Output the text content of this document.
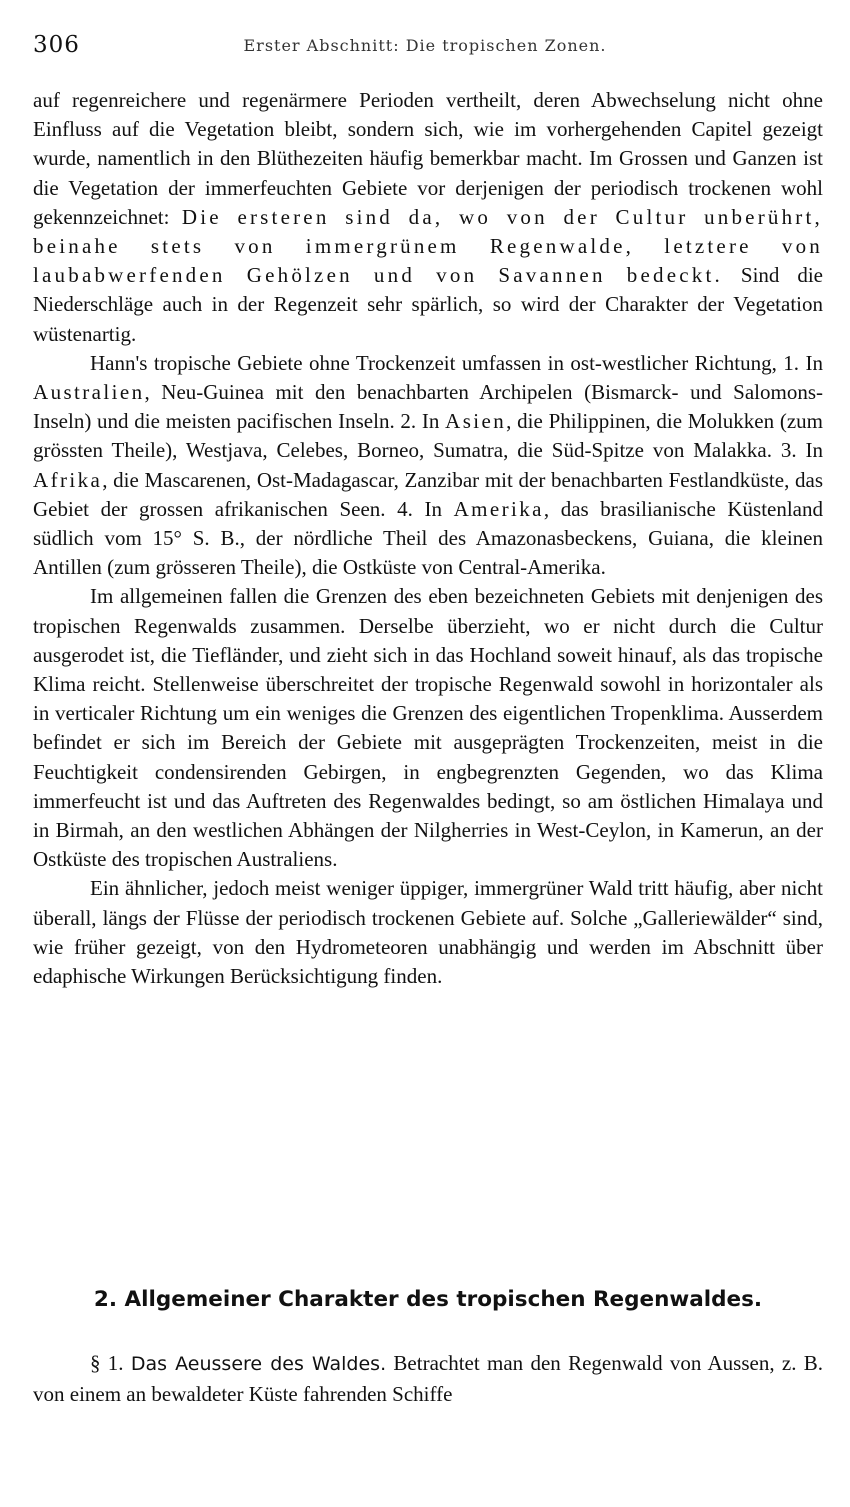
306	Erster Abschnitt: Die tropischen Zonen.

auf regenreichere und regenärmere Perioden vertheilt, deren Abwechselung nicht ohne Einfluss auf die Vegetation bleibt, sondern sich, wie im vorhergehenden Capitel gezeigt wurde, namentlich in den Blüthezeiten häufig bemerkbar macht. Im Grossen und Ganzen ist die Vegetation der immerfeuchten Gebiete vor derjenigen der periodisch trockenen wohl gekennzeichnet: Die ersteren sind da, wo von der Cultur unberührt, beinahe stets von immergrünem Regenwalde, letztere von laubabwerfenden Gehölzen und von Savannen bedeckt. Sind die Niederschläge auch in der Regenzeit sehr spärlich, so wird der Charakter der Vegetation wüstenartig.

Hann's tropische Gebiete ohne Trockenzeit umfassen in ost-westlicher Richtung, 1. In Australien, Neu-Guinea mit den benachbarten Archipelen (Bismarck- und Salomons-Inseln) und die meisten pacifischen Inseln. 2. In Asien, die Philippinen, die Molukken (zum grössten Theile), Westjava, Celebes, Borneo, Sumatra, die Süd-Spitze von Malakka. 3. In Afrika, die Mascarenen, Ost-Madagascar, Zanzibar mit der benachbarten Festlandküste, das Gebiet der grossen afrikanischen Seen. 4. In Amerika, das brasilianische Küstenland südlich vom 15° S. B., der nördliche Theil des Amazonasbeckens, Guiana, die kleinen Antillen (zum grösseren Theile), die Ostküste von Central-Amerika.

Im allgemeinen fallen die Grenzen des eben bezeichneten Gebiets mit denjenigen des tropischen Regenwalds zusammen. Derselbe überzieht, wo er nicht durch die Cultur ausgerodet ist, die Tiefländer, und zieht sich in das Hochland soweit hinauf, als das tropische Klima reicht. Stellenweise überschreitet der tropische Regenwald sowohl in horizontaler als in verticaler Richtung um ein weniges die Grenzen des eigentlichen Tropenklima. Ausserdem befindet er sich im Bereich der Gebiete mit ausgeprägten Trockenzeiten, meist in die Feuchtigkeit condensirenden Gebirgen, in engbegrenzten Gegenden, wo das Klima immerfeucht ist und das Auftreten des Regenwaldes bedingt, so am östlichen Himalaya und in Birmah, an den westlichen Abhängen der Nilgherries in West-Ceylon, in Kamerun, an der Ostküste des tropischen Australiens.

Ein ähnlicher, jedoch meist weniger üppiger, immergrüner Wald tritt häufig, aber nicht überall, längs der Flüsse der periodisch trockenen Gebiete auf. Solche „Galleriewälder“ sind, wie früher gezeigt, von den Hydrometeoren unabhängig und werden im Abschnitt über edaphische Wirkungen Berücksichtigung finden.

2. Allgemeiner Charakter des tropischen Regenwaldes.
§ 1. Das Aeussere des Waldes. Betrachtet man den Regenwald von Aussen, z. B. von einem an bewaldeter Küste fahrenden Schiffe
